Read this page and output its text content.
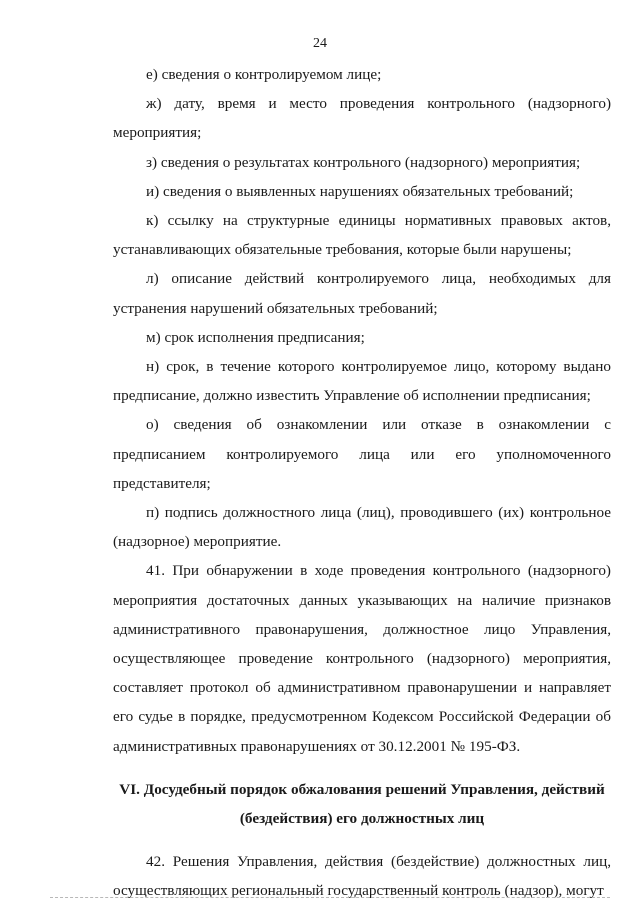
24

е) сведения о контролируемом лице;

ж) дату, время и место проведения контрольного (надзорного) мероприятия;

з) сведения о результатах контрольного (надзорного) мероприятия;

и) сведения о выявленных нарушениях обязательных требований;

к) ссылку на структурные единицы нормативных правовых актов, устанавливающих обязательные требования, которые были нарушены;

л) описание действий контролируемого лица, необходимых для устранения нарушений обязательных требований;

м) срок исполнения предписания;

н) срок, в течение которого контролируемое лицо, которому выдано предписание, должно известить Управление об исполнении предписания;

о) сведения об ознакомлении или отказе в ознакомлении с предписанием контролируемого лица или его уполномоченного представителя;

п) подпись должностного лица (лиц), проводившего (их) контрольное (надзорное) мероприятие.

41. При обнаружении в ходе проведения контрольного (надзорного) мероприятия достаточных данных указывающих на наличие признаков административного правонарушения, должностное лицо Управления, осуществляющее проведение контрольного (надзорного) мероприятия, составляет протокол об административном правонарушении и направляет его судье в порядке, предусмотренном Кодексом Российской Федерации об административных правонарушениях от 30.12.2001 № 195-ФЗ.

VI. Досудебный порядок обжалования решений Управления, действий
(бездействия) его должностных лиц

42. Решения Управления, действия (бездействие) должностных лиц, осуществляющих региональный государственный контроль (надзор), могут
